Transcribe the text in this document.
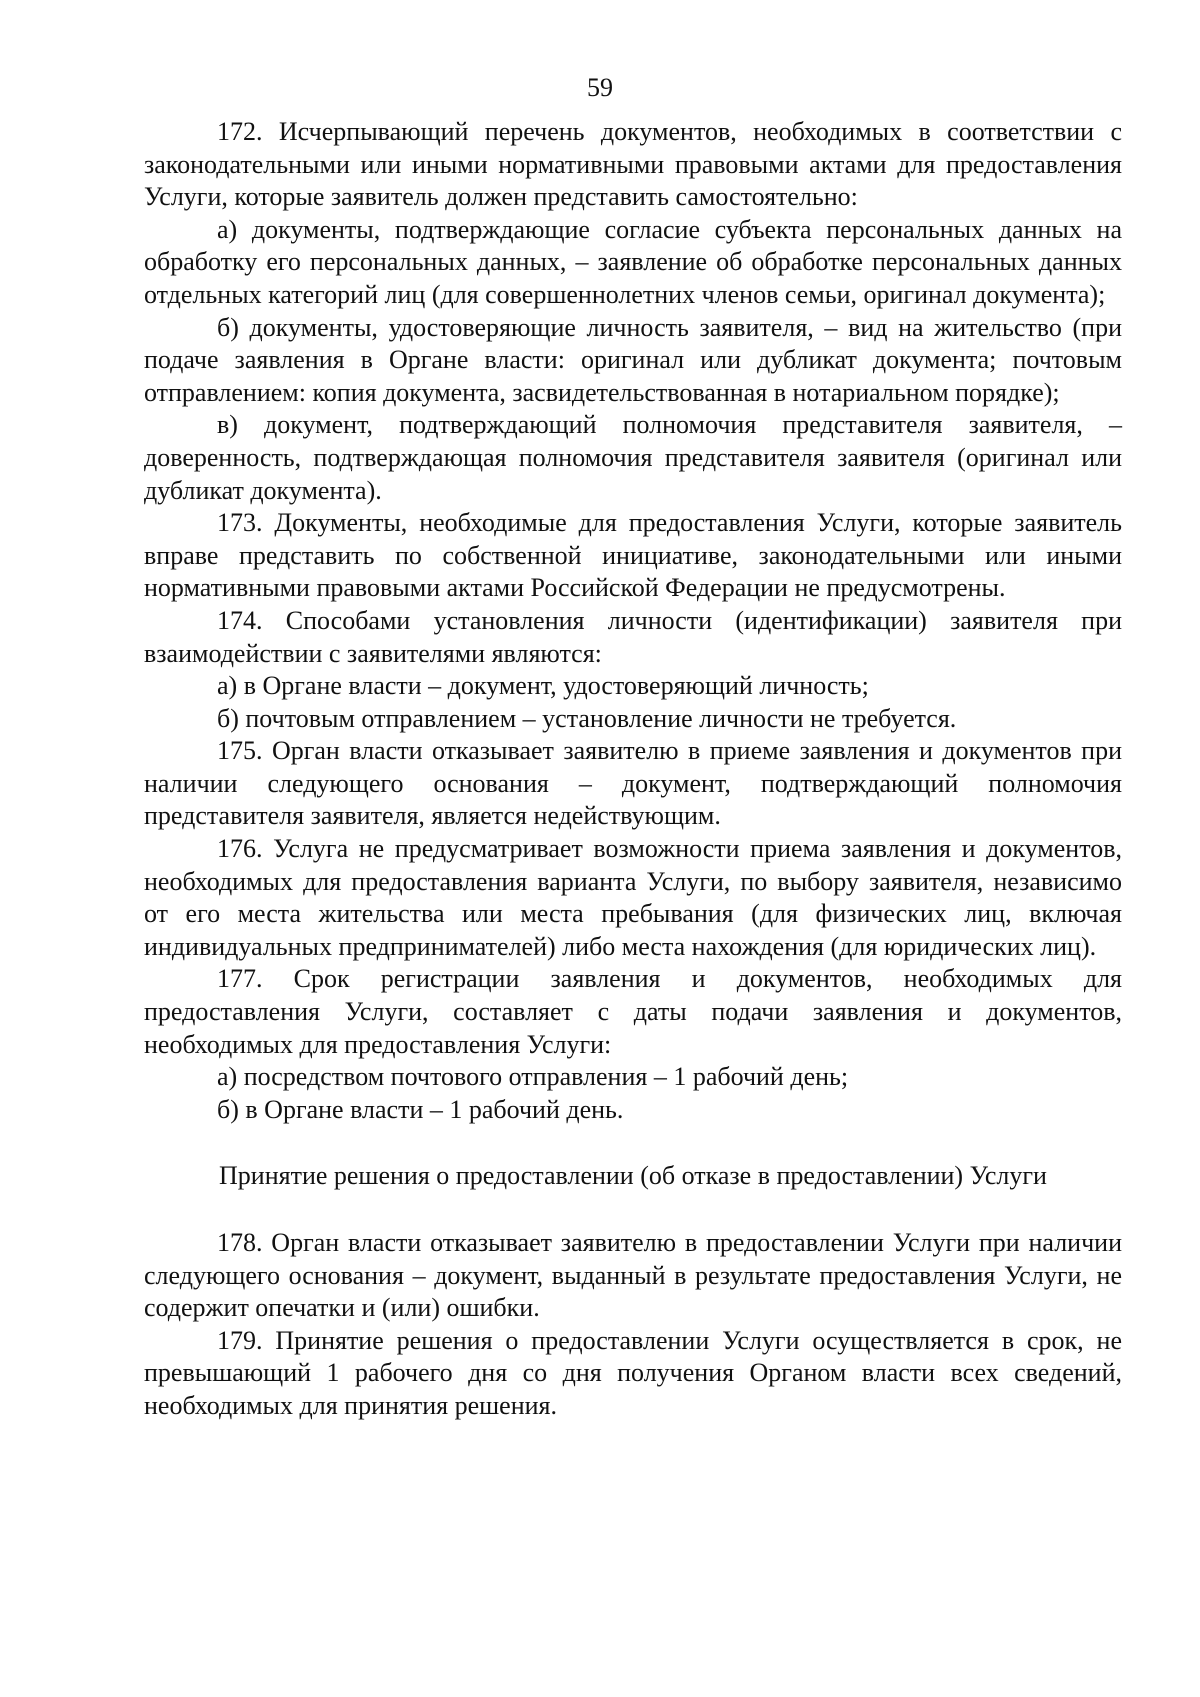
59

172. Исчерпывающий перечень документов, необходимых в соответствии с законодательными или иными нормативными правовыми актами для предоставления Услуги, которые заявитель должен представить самостоятельно:

а) документы, подтверждающие согласие субъекта персональных данных на обработку его персональных данных, – заявление об обработке персональных данных отдельных категорий лиц (для совершеннолетних членов семьи, оригинал документа);

б) документы, удостоверяющие личность заявителя, – вид на жительство (при подаче заявления в Органе власти: оригинал или дубликат документа; почтовым отправлением: копия документа, засвидетельствованная в нотариальном порядке);

в) документ, подтверждающий полномочия представителя заявителя, – доверенность, подтверждающая полномочия представителя заявителя (оригинал или дубликат документа).

173. Документы, необходимые для предоставления Услуги, которые заявитель вправе представить по собственной инициативе, законодательными или иными нормативными правовыми актами Российской Федерации не предусмотрены.

174. Способами установления личности (идентификации) заявителя при взаимодействии с заявителями являются:

а) в Органе власти – документ, удостоверяющий личность;

б) почтовым отправлением – установление личности не требуется.

175. Орган власти отказывает заявителю в приеме заявления и документов при наличии следующего основания – документ, подтверждающий полномочия представителя заявителя, является недействующим.

176. Услуга не предусматривает возможности приема заявления и документов, необходимых для предоставления варианта Услуги, по выбору заявителя, независимо от его места жительства или места пребывания (для физических лиц, включая индивидуальных предпринимателей) либо места нахождения (для юридических лиц).

177. Срок регистрации заявления и документов, необходимых для предоставления Услуги, составляет с даты подачи заявления и документов, необходимых для предоставления Услуги:

а) посредством почтового отправления – 1 рабочий день;

б) в Органе власти – 1 рабочий день.

Принятие решения о предоставлении (об отказе в предоставлении) Услуги

178. Орган власти отказывает заявителю в предоставлении Услуги при наличии следующего основания – документ, выданный в результате предоставления Услуги, не содержит опечатки и (или) ошибки.

179. Принятие решения о предоставлении Услуги осуществляется в срок, не превышающий 1 рабочего дня со дня получения Органом власти всех сведений, необходимых для принятия решения.
